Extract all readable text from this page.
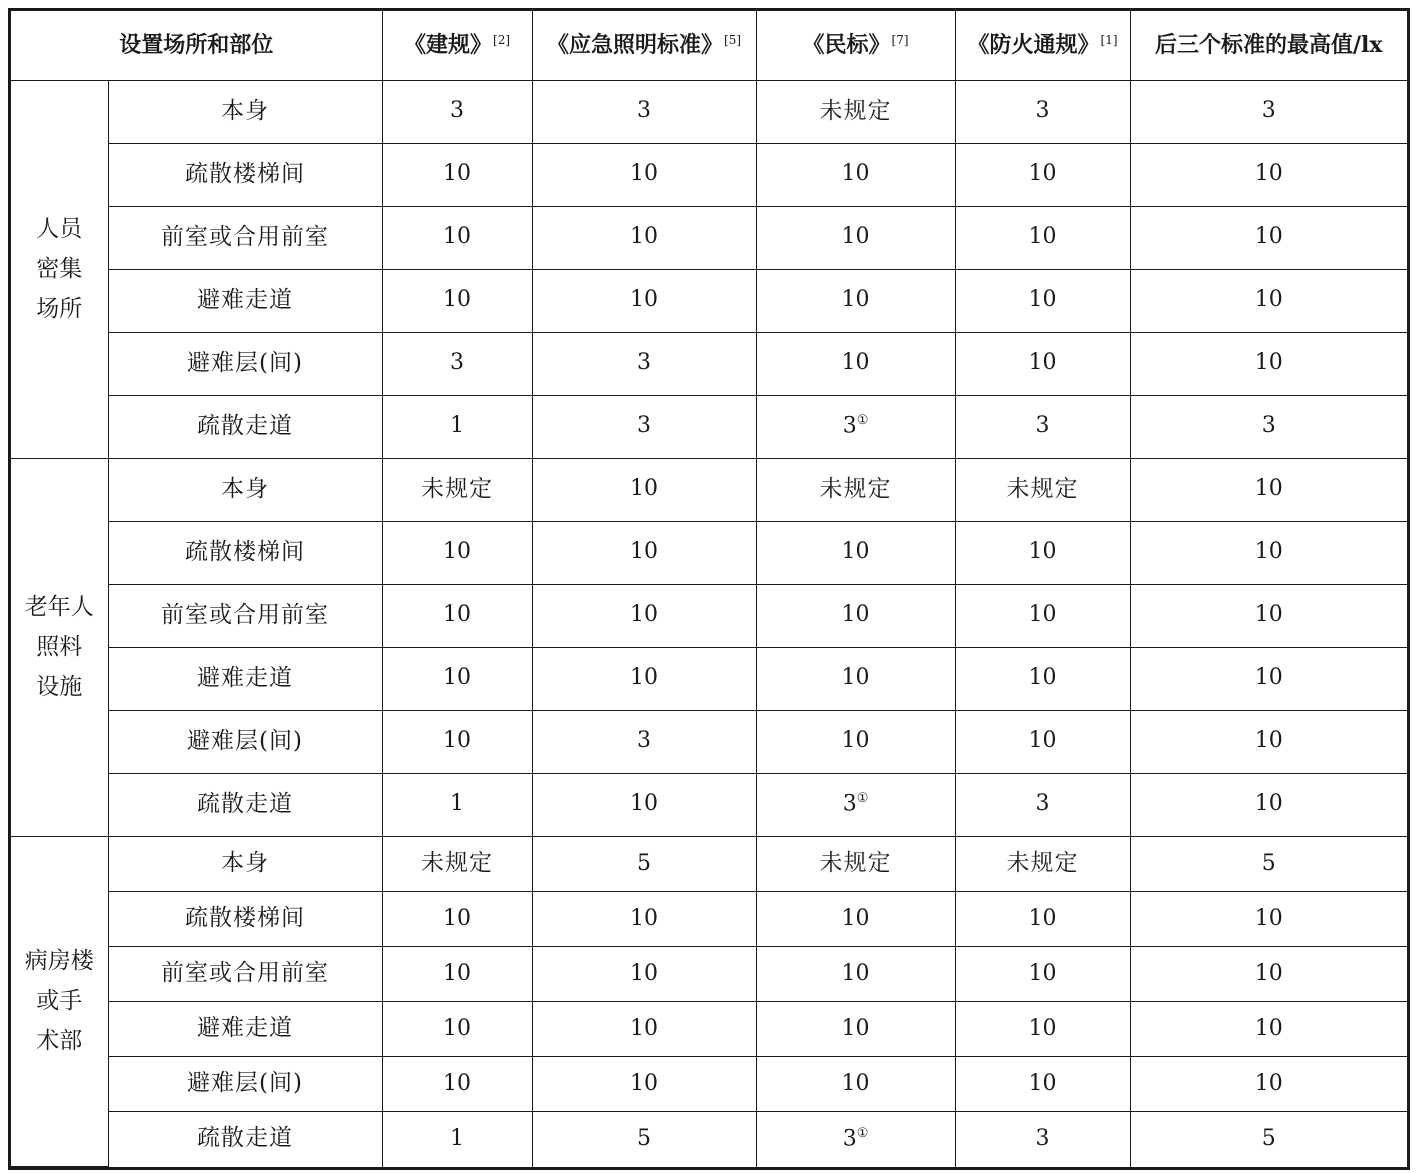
设置场所和部位		《建规》[2]	《应急照明标准》[5]	《民标》[7]	《防火通规》[1]	后三个标准的最高值/lx

人员
密集
场所	本身	3	3	未规定	3	3
	疏散楼梯间	10	10	10	10	10
	前室或合用前室	10	10	10	10	10
	避难走道	10	10	10	10	10
	避难层(间)	3	3	10	10	10
	疏散走道	1	3	3①	3	3

老年人
照料
设施	本身	未规定	10	未规定	未规定	10
	疏散楼梯间	10	10	10	10	10
	前室或合用前室	10	10	10	10	10
	避难走道	10	10	10	10	10
	避难层(间)	10	3	10	10	10
	疏散走道	1	10	3①	3	10

病房楼
或手
术部	本身	未规定	5	未规定	未规定	5
	疏散楼梯间	10	10	10	10	10
	前室或合用前室	10	10	10	10	10
	避难走道	10	10	10	10	10
	避难层(间)	10	10	10	10	10
	疏散走道	1	5	3①	3	5
